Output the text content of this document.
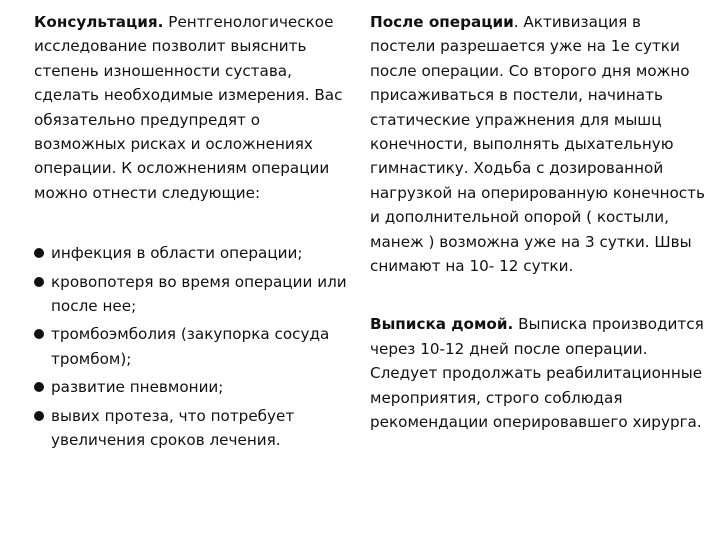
Консультация. Рентгенологическое исследование позволит выяснить степень изношенности сустава, сделать необходимые измерения. Вас обязательно предупредят о возможных рисках и осложнениях операции. К осложнениям операции можно отнести следующие:

инфекция в области операции;
кровопотеря во время операции или после нее;
тромбоэмболия (закупорка сосуда тромбом);
развитие пневмонии;
вывих протеза, что потребует увеличения сроков лечения.

После операции. Активизация в постели разрешается уже на 1е сутки после операции. Со второго дня можно присаживаться в постели, начинать статические упражнения для мышц конечности, выполнять дыхательную гимнастику. Ходьба с дозированной нагрузкой на оперированную конечность и дополнительной опорой ( костыли, манеж ) возможна уже на 3 сутки. Швы снимают на 10- 12 сутки.

Выписка домой. Выписка производится через 10-12 дней после операции. Следует продолжать реабилитационные мероприятия, строго соблюдая рекомендации оперировавшего хирурга.
